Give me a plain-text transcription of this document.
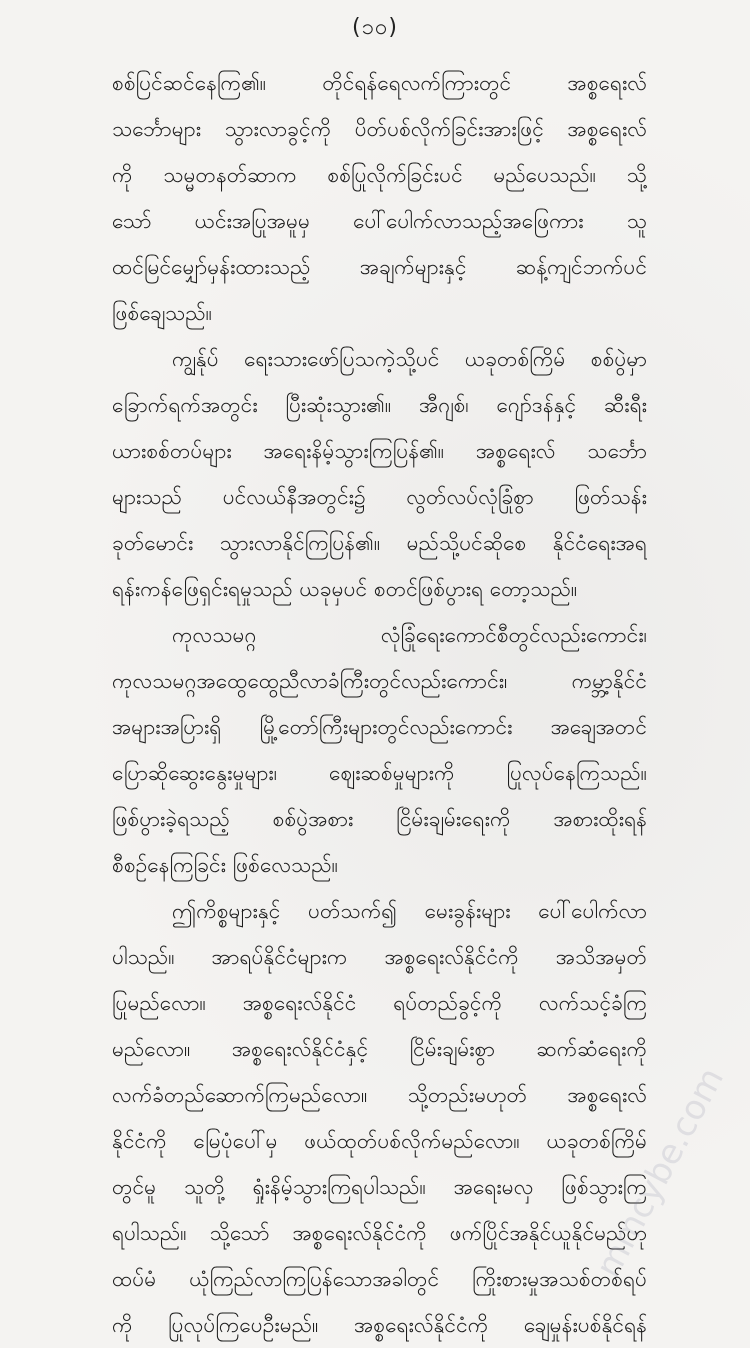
(၁၀)
စစ်ပြင်ဆင်နေကြ၏။ တိုင်ရန်ရေလက်ကြားတွင် အစ္စရေးလ်
သင်္ဘောများ သွားလာခွင့်ကို ပိတ်ပစ်လိုက်ခြင်းအားဖြင့် အစ္စရေးလ်
ကို သမ္မတနတ်ဆာက စစ်ပြုလိုက်ခြင်းပင် မည်ပေသည်။ သို့
သော် ယင်းအပြုအမူမှ ပေါ်ပေါက်လာသည့်အဖြေကား သူ
ထင်မြင်မျှော်မှန်းထားသည့် အချက်များနှင့် ဆန့်ကျင်ဘက်ပင်
ဖြစ်ချေသည်။
ကျွန်ုပ် ရေးသားဖော်ပြသကဲ့သို့ပင် ယခုတစ်ကြိမ် စစ်ပွဲမှာ
ခြောက်ရက်အတွင်း ပြီးဆုံးသွား၏။ အီဂျစ်၊ ဂျော်ဒန်နှင့် ဆီးရီး
ယားစစ်တပ်များ အရေးနိမ့်သွားကြပြန်၏။ အစ္စရေးလ် သင်္ဘော
များသည် ပင်လယ်နီအတွင်း၌ လွတ်လပ်လုံခြုံစွာ ဖြတ်သန်း
ခုတ်မောင်း သွားလာနိုင်ကြပြန်၏။ မည်သို့ပင်ဆိုစေ နိုင်ငံရေးအရ
ရန်းကန်ဖြေရှင်းရမှုသည် ယခုမှပင် စတင်ဖြစ်ပွားရ တော့သည်။
ကုလသမဂ္ဂ လုံခြုံရေးကောင်စီတွင်လည်းကောင်း၊
ကုလသမဂ္ဂအထွေထွေညီလာခံကြီးတွင်လည်းကောင်း၊ ကမ္ဘာ့နိုင်ငံ
အများအပြားရှိ မြို့တော်ကြီးများတွင်လည်းကောင်း အချေအတင်
ပြောဆိုဆွေးနွေးမှုများ၊ ဈေးဆစ်မှုများကို ပြုလုပ်နေကြသည်။
ဖြစ်ပွားခဲ့ရသည့် စစ်ပွဲအစား ငြိမ်းချမ်းရေးကို အစားထိုးရန်
စီစဉ်နေကြခြင်း ဖြစ်လေသည်။
ဤကိစ္စများနှင့် ပတ်သက်၍ မေးခွန်းများ ပေါ်ပေါက်လာ
ပါသည်။ အာရပ်နိုင်ငံများက အစ္စရေးလ်နိုင်ငံကို အသိအမှတ်
ပြုမည်လော။ အစ္စရေးလ်နိုင်ငံ ရပ်တည်ခွင့်ကို လက်သင့်ခံကြ
မည်လော။ အစ္စရေးလ်နိုင်ငံနှင့် ငြိမ်းချမ်းစွာ ဆက်ဆံရေးကို
လက်ခံတည်ဆောက်ကြမည်လော။ သို့တည်းမဟုတ် အစ္စရေးလ်
နိုင်ငံကို မြေပုံပေါ်မှ ဖယ်ထုတ်ပစ်လိုက်မည်လော။ ယခုတစ်ကြိမ်
တွင်မူ သူတို့ ရှုံးနိမ့်သွားကြရပါသည်။ အရေးမလှ ဖြစ်သွားကြ
ရပါသည်။ သို့သော် အစ္စရေးလ်နိုင်ငံကို ဖက်ပြိုင်အနိုင်ယူနိုင်မည်ဟု
ထပ်မံ ယုံကြည်လာကြပြန်သောအခါတွင် ကြိုးစားမှုအသစ်တစ်ရပ်
ကို ပြုလုပ်ကြပေဦးမည်။ အစ္စရေးလ်နိုင်ငံကို ချေမှုန်းပစ်နိုင်ရန်
mmcybe.com
